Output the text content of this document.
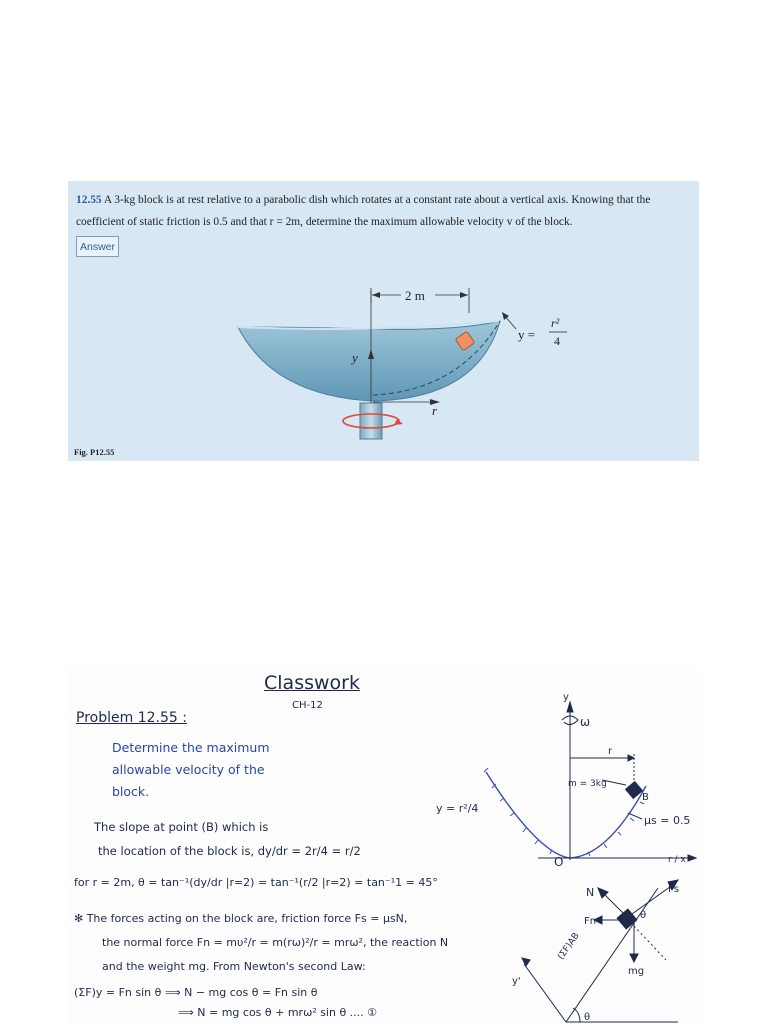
12.55 A 3-kg block is at rest relative to a parabolic dish which rotates at a constant rate about a vertical axis. Knowing that the
coefficient of static friction is 0.5 and that r = 2m, determine the maximum allowable velocity v of the block.
Answer
2 m
y
r
y =
r²
4
Fig. P12.55
Classwork
CH-12
Problem 12.55 :
Determine the maximum
allowable velocity of the
block.
The slope at point (B) which is
the location of the block is, dy/dr = 2r/4 = r/2
for r = 2m, θ = tan⁻¹(dy/dr |r=2) = tan⁻¹(r/2 |r=2) = tan⁻¹1 = 45°
✻ The forces acting on the block are, friction force Fs = μsN,
the normal force Fn = mυ²/r = m(rω)²/r = mrω², the reaction N
and the weight mg. From Newton's second Law:
(ΣF)y = Fn sin θ ⟹ N − mg cos θ = Fn sin θ
⟹ N = mg cos θ + mrω² sin θ .... ①
y
ω
r
m = 3kg
B
μs = 0.5
y = r²/4
O	r / x
N	Fs
Fn
θ
mg
(ΣF)AB
y'
θ
